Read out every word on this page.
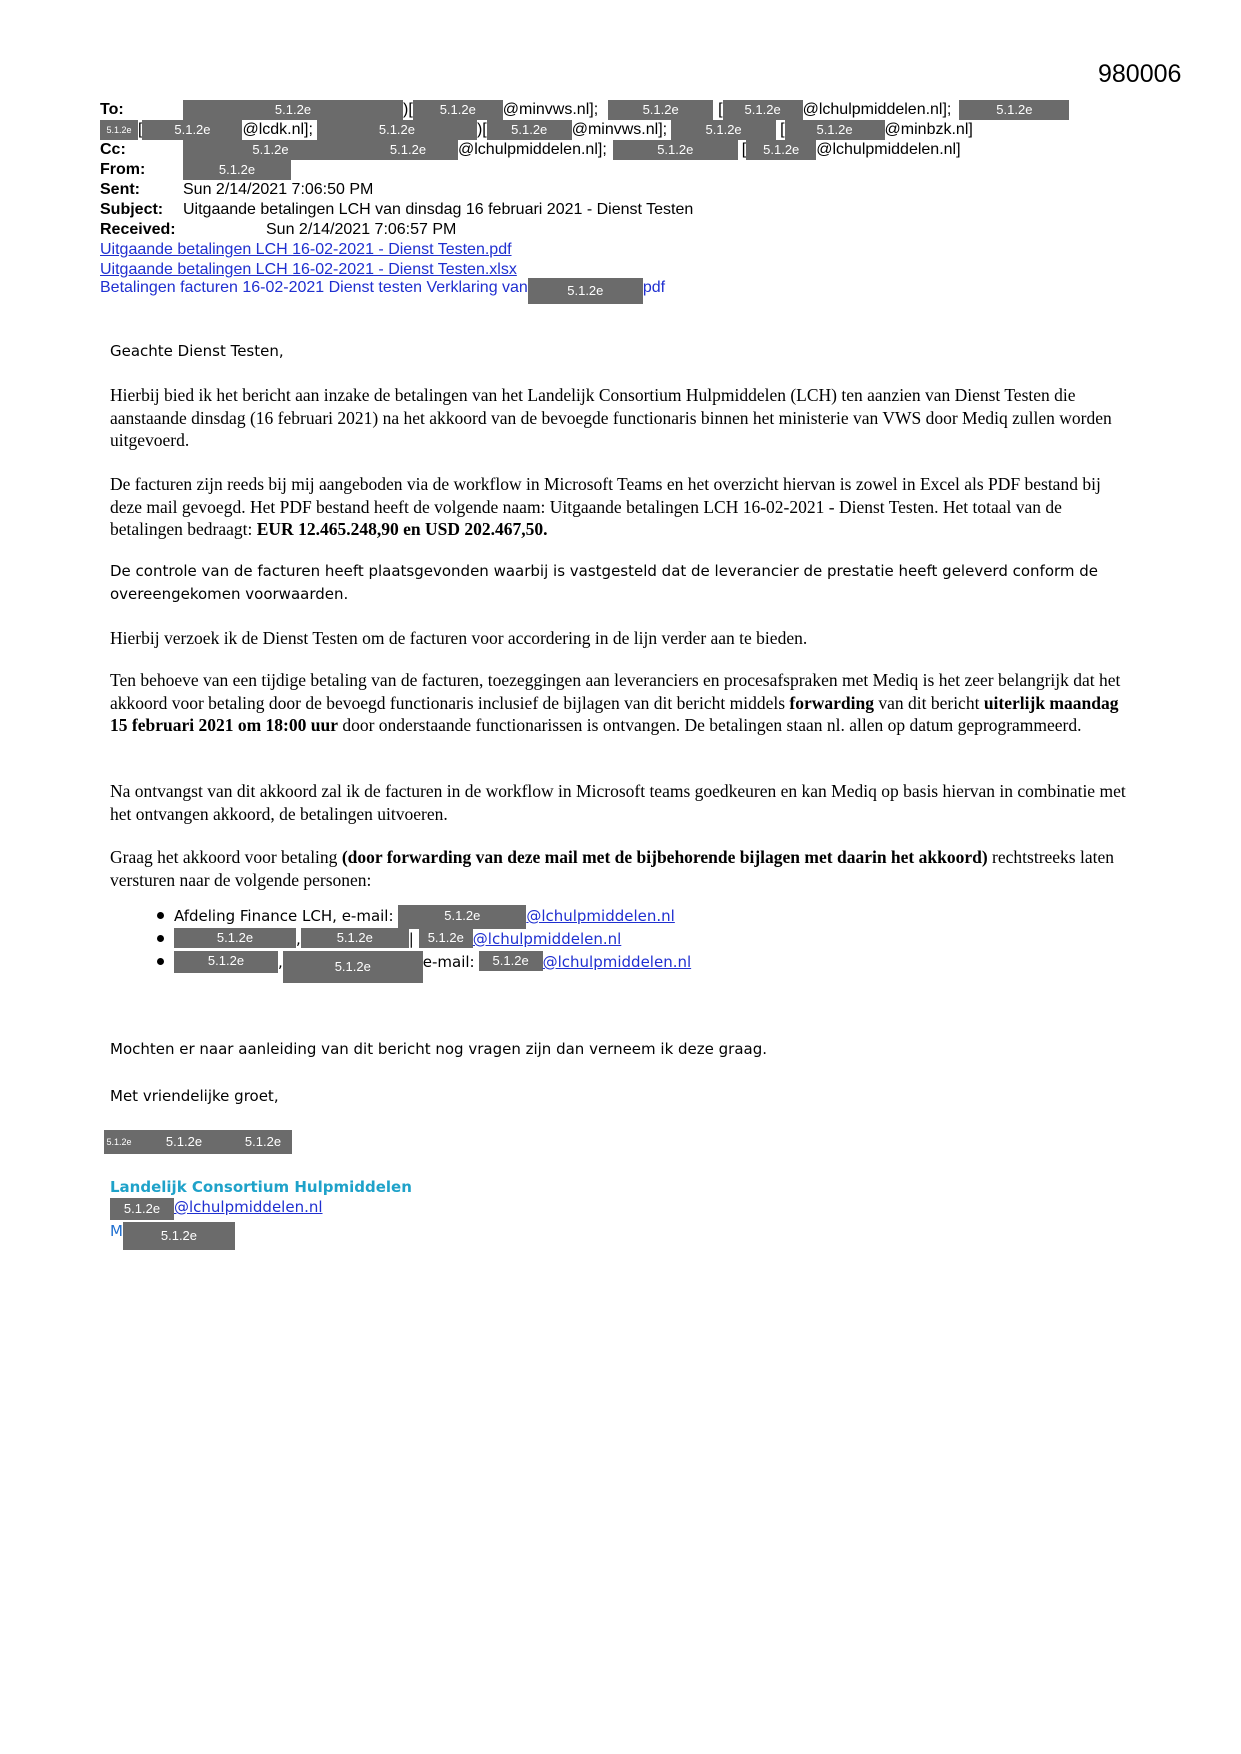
980006
To:	5.1.2e	)[ 5.1.2e @minvws.nl];	5.1.2e [ 5.1.2e @lchulpmiddelen.nl];	5.1.2e
5.1.2e [ 5.1.2e @lcdk.nl];	5.1.2e	)[ 5.1.2e @minvws.nl];	5.1.2e [ 5.1.2e @minbzk.nl]
Cc:	5.1.2e	5.1.2e @lchulpmiddelen.nl];	5.1.2e	[ 5.1.2e @lchulpmiddelen.nl]
From:	5.1.2e
Sent:	Sun 2/14/2021 7:06:50 PM
Subject: Uitgaande betalingen LCH van dinsdag 16 februari 2021 - Dienst Testen
Received:	Sun 2/14/2021 7:06:57 PM
Uitgaande betalingen LCH 16-02-2021 - Dienst Testen.pdf
Uitgaande betalingen LCH 16-02-2021 - Dienst Testen.xlsx
Betalingen facturen 16-02-2021 Dienst testen Verklaring van	5.1.2e pdf
Geachte Dienst Testen,
Hierbij bied ik het bericht aan inzake de betalingen van het Landelijk Consortium Hulpmiddelen (LCH) ten aanzien van Dienst Testen die aanstaande dinsdag (16 februari 2021) na het akkoord van de bevoegde functionaris binnen het ministerie van VWS door Mediq zullen worden uitgevoerd.
De facturen zijn reeds bij mij aangeboden via de workflow in Microsoft Teams en het overzicht hiervan is zowel in Excel als PDF bestand bij deze mail gevoegd. Het PDF bestand heeft de volgende naam: Uitgaande betalingen LCH 16-02-2021 - Dienst Testen. Het totaal van de betalingen bedraagt: EUR 12.465.248,90 en USD 202.467,50.
De controle van de facturen heeft plaatsgevonden waarbij is vastgesteld dat de leverancier de prestatie heeft geleverd conform de overeengekomen voorwaarden.
Hierbij verzoek ik de Dienst Testen om de facturen voor accordering in de lijn verder aan te bieden.
Ten behoeve van een tijdige betaling van de facturen, toezeggingen aan leveranciers en procesafspraken met Mediq is het zeer belangrijk dat het akkoord voor betaling door de bevoegd functionaris inclusief de bijlagen van dit bericht middels forwarding van dit bericht uiterlijk maandag 15 februari 2021 om 18:00 uur door onderstaande functionarissen is ontvangen. De betalingen staan nl. allen op datum geprogrammeerd.
Na ontvangst van dit akkoord zal ik de facturen in de workflow in Microsoft teams goedkeuren en kan Mediq op basis hiervan in combinatie met het ontvangen akkoord, de betalingen uitvoeren.
Graag het akkoord voor betaling (door forwarding van deze mail met de bijbehorende bijlagen met daarin het akkoord) rechtstreeks laten versturen naar de volgende personen:
Afdeling Finance LCH, e-mail:	5.1.2e	@lchulpmiddelen.nl
5.1.2e	,	5.1.2e | 5.1.2e @lchulpmiddelen.nl
5.1.2e ,	5.1.2e	e-mail: 5.1.2e @lchulpmiddelen.nl
Mochten er naar aanleiding van dit bericht nog vragen zijn dan verneem ik deze graag.
Met vriendelijke groet,
5.1.2e	5.1.2e	5.1.2e
Landelijk Consortium Hulpmiddelen
5.1.2e @lchulpmiddelen.nl
M	5.1.2e
